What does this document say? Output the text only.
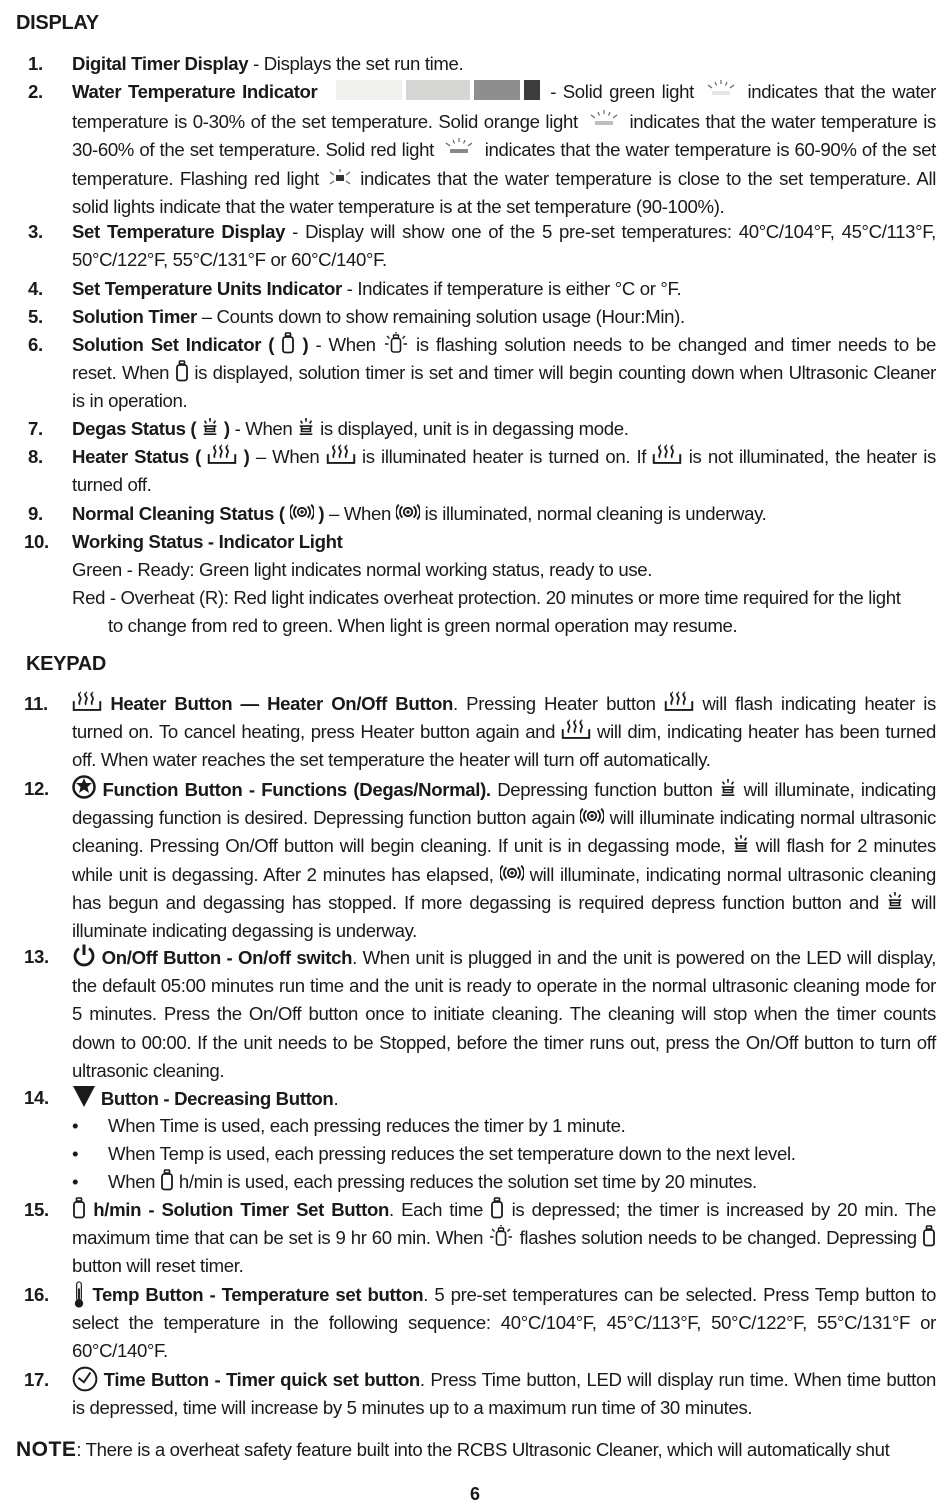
DISPLAY
1.	Digital Timer Display - Displays the set run time.
2.	Water Temperature Indicator	- Solid green light	indicates that the water temperature is 0-30% of the set temperature. Solid orange light	indicates that the water temperature is 30-60% of the set temperature. Solid red light	indicates that the water temperature is 60-90% of the set temperature. Flashing red light indicates that the water temperature is close to the set temperature. All solid lights indicate that the water temperature is at the set temperature (90-100%).
3.	Set Temperature Display - Display will show one of the 5 pre-set temperatures: 40°C/104°F, 45°C/113°F, 50°C/122°F, 55°C/131°F or 60°C/140°F.
4.	Set Temperature Units Indicator - Indicates if temperature is either °C or °F.
5.	Solution Timer – Counts down to show remaining solution usage (Hour:Min).
6.	Solution Set Indicator ( ) - When is flashing solution needs to be changed and timer needs to be reset. When is displayed, solution timer is set and timer will begin counting down when Ultrasonic Cleaner is in operation.
7.	Degas Status ( ) - When is displayed, unit is in degassing mode.
8.	Heater Status ( ) – When is illuminated heater is turned on. If is not illuminated, the heater is turned off.
9.	Normal Cleaning Status ( ) – When is illuminated, normal cleaning is underway.
10.	Working Status - Indicator Light
Green - Ready: Green light indicates normal working status, ready to use.
Red - Overheat (R): Red light indicates overheat protection. 20 minutes or more time required for the light
to change from red to green. When light is green normal operation may resume.
KEYPAD
11.	Heater Button — Heater On/Off Button. Pressing Heater button	will flash indicating heater is turned on. To cancel heating, press Heater button again and will dim, indicating heater has been turned off. When water reaches the set temperature the heater will turn off automatically.
12.	Function Button - Functions (Degas/Normal). Depressing function button will illuminate, indicating degassing function is desired. Depressing function button again will illuminate indicating normal ultrasonic cleaning. Pressing On/Off button will begin cleaning. If unit is in degassing mode, will flash for 2 minutes while unit is degassing. After 2 minutes has elapsed, will illuminate, indicating normal ultrasonic cleaning has begun and degassing has stopped. If more degassing is required depress function button and will illuminate indicating degassing is underway.
13.	On/Off Button - On/off switch. When unit is plugged in and the unit is powered on the LED will display, the default 05:00 minutes run time and the unit is ready to operate in the normal ultrasonic cleaning mode for 5 minutes. Press the On/Off button once to initiate cleaning. The cleaning will stop when the timer counts down to 00:00. If the unit needs to be Stopped, before the timer runs out, press the On/Off button to turn off ultrasonic cleaning.
14.	Button - Decreasing Button.
• When Time is used, each pressing reduces the timer by 1 minute.
• When Temp is used, each pressing reduces the set temperature down to the next level.
• When h/min is used, each pressing reduces the solution set time by 20 minutes.
15.	h/min - Solution Timer Set Button. Each time is depressed; the timer is increased by 20 min. The maximum time that can be set is 9 hr 60 min. When flashes solution needs to be changed. Depressing  button will reset timer.
16.	Temp Button - Temperature set button. 5 pre-set temperatures can be selected. Press Temp button to select the temperature in the following sequence: 40°C/104°F, 45°C/113°F, 50°C/122°F, 55°C/131°F or 60°C/140°F.
17.	Time Button - Timer quick set button. Press Time button, LED will display run time. When time button is depressed, time will increase by 5 minutes up to a maximum run time of 30 minutes.
NOTE: There is a overheat safety feature built into the RCBS Ultrasonic Cleaner, which will automatically shut
6
